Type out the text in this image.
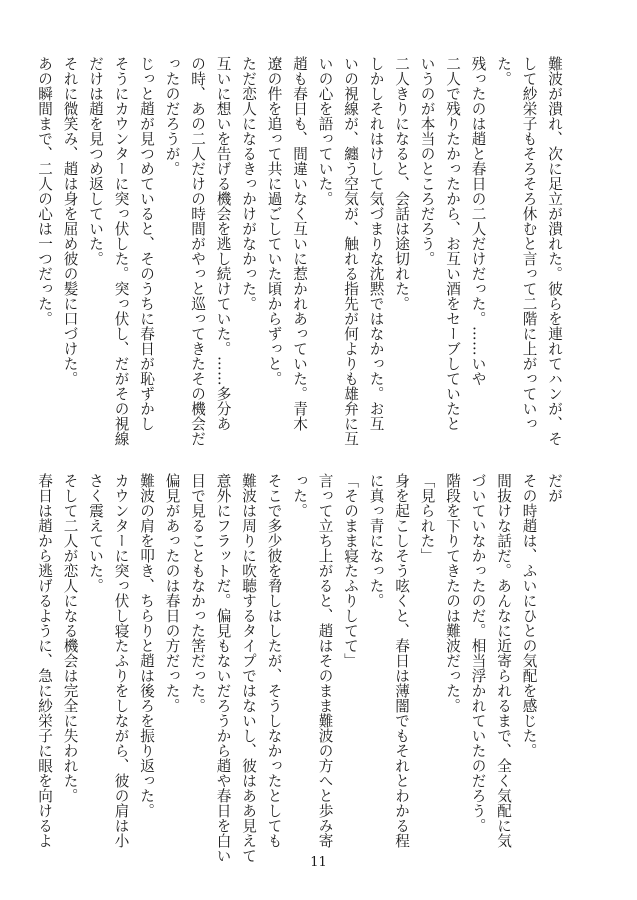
難波が潰れ、次に足立が潰れた。彼らを連れてハンが、そ
して紗栄子もそろそろ休むと言って二階に上がっていっ
た。
残ったのは趙と春日の二人だけだった。……いや
二人で残りたかったから、お互い酒をセーブしていたと
いうのが本当のところだろう。
二人きりになると、会話は途切れた。
しかしそれはけして気づまりな沈黙ではなかった。お互
いの視線が、纏う空気が、触れる指先が何よりも雄弁に互
いの心を語っていた。
趙も春日も、間違いなく互いに惹かれあっていた。青木
遼の件を追って共に過ごしていた頃からずっと。
ただ恋人になるきっかけがなかった。
互いに想いを告げる機会を逃し続けていた。……多分あ
の時、あの二人だけの時間がやっと巡ってきたその機会だ
ったのだろうが。
じっと趙が見つめていると、そのうちに春日が恥ずかし
そうにカウンターに突っ伏した。突っ伏し、だがその視線
だけは趙を見つめ返していた。
それに微笑み、趙は身を屈め彼の髪に口づけた。
あの瞬間まで、二人の心は一つだった。
だが
その時趙は、ふいにひとの気配を感じた。
間抜けな話だ。あんなに近寄られるまで、全く気配に気
づいていなかったのだ。相当浮かれていたのだろう。
階段を下りてきたのは難波だった。
「見られた」
身を起こしそう呟くと、春日は薄闇でもそれとわかる程
に真っ青になった。
「そのまま寝たふりしてて」
言って立ち上がると、趙はそのまま難波の方へと歩み寄
った。
そこで多少彼を脅しはしたが、そうしなかったとしても
難波は周りに吹聴するタイプではないし、彼はああ見えて
意外にフラットだ。偏見もないだろうから趙や春日を白い
目で見ることもなかった筈だった。
偏見があったのは春日の方だった。
難波の肩を叩き、ちらりと趙は後ろを振り返った。
カウンターに突っ伏し寝たふりをしながら、彼の肩は小
さく震えていた。
そして二人が恋人になる機会は完全に失われた。
春日は趙から逃げるように、急に紗栄子に眼を向けるよ
11
